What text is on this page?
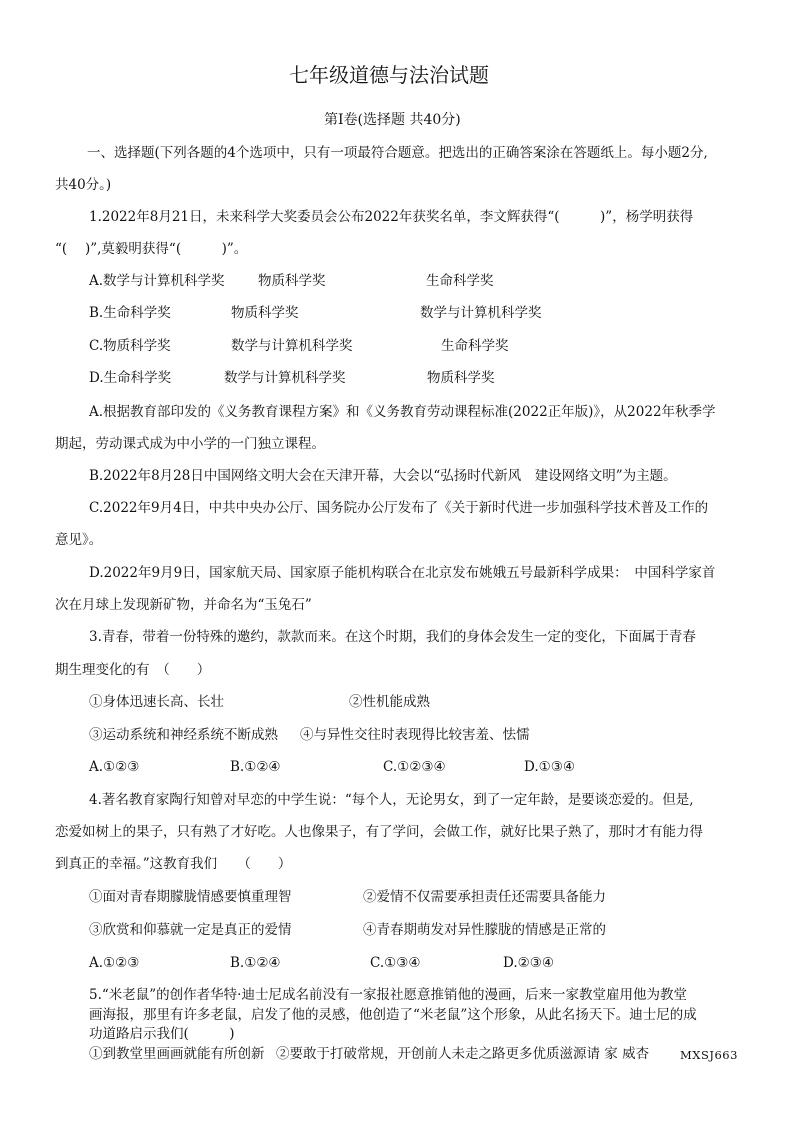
七年级道德与法治试题
第Ⅰ卷(选择题 共40分)
一、选择题(下列各题的4个选项中，只有一项最符合题意。把选出的正确答案涂在答题纸上。每小题2分,
共40分。)
1.2022年8月21日，未来科学大奖委员会公布2022年获奖名单，李文辉获得“(　　　)”，杨学明获得
“(　 )”,莫毅明获得“(　　　)”。
A.数学与计算机科学奖 物质科学奖	生命科学奖
B.生命科学奖	物质科学奖	数学与计算机科学奖
C.物质科学奖	数学与计算机科学奖	生命科学奖
D.生命科学奖	数学与计算机科学奖	物质科学奖
A.根据教育部印发的《义务教育课程方案》和《义务教育劳动课程标准(2022正年版)》，从2022年秋季学
期起，劳动课式成为中小学的一门独立课程。
B.2022年8月28日中国网络文明大会在天津开幕，大会以“弘扬时代新风　建设网络文明”为主题。
C.2022年9月4日，中共中央办公厅、国务院办公厅发布了《关于新时代进一步加强科学技术普及工作的
意见》。
D.2022年9月9日，国家航天局、国家原子能机构联合在北京发布姚娥五号最新科学成果：　中国科学家首
次在月球上发现新矿物，并命名为“玉兔石”
3.青春，带着一份特殊的邀约，款款而来。在这个时期，我们的身体会发生一定的变化，下面属于青春
期生理变化的有　（　　）
①身体迅速长高、长壮	②性机能成熟
③运动系统和神经系统不断成熟 ④与异性交往时表现得比较害羞、怯懦
A.①②③	B.①②④	C.①②③④	D.①③④
4.著名教育家陶行知曾对早恋的中学生说：“每个人，无论男女，到了一定年龄，是要谈恋爱的。但是,
恋爱如树上的果子，只有熟了才好吃。人也像果子，有了学问，会做工作，就好比果子熟了，那时才有能力得
到真正的幸福。”这教育我们　　（　　）
①面对青春期朦胧情感要慎重理智	②爱情不仅需要承担责任还需要具备能力
③欣赏和仰慕就一定是真正的爱情	④青春期萌发对异性朦胧的情感是正常的
A.①②③	B.①②④	C.①③④	D.②③④
5.“米老鼠”的创作者华特·迪士尼成名前没有一家报社愿意推销他的漫画，后来一家教堂雇用他为教堂
画海报，那里有许多老鼠，启发了他的灵感，他创造了“米老鼠”这个形象，从此名扬天下。迪士尼的成
功道路启示我们(　　　)
①到教堂里画画就能有所创新 ②要敢于打破常规，开创前人未走之路更多优质滋源请 家 威杏	MXSJ663
